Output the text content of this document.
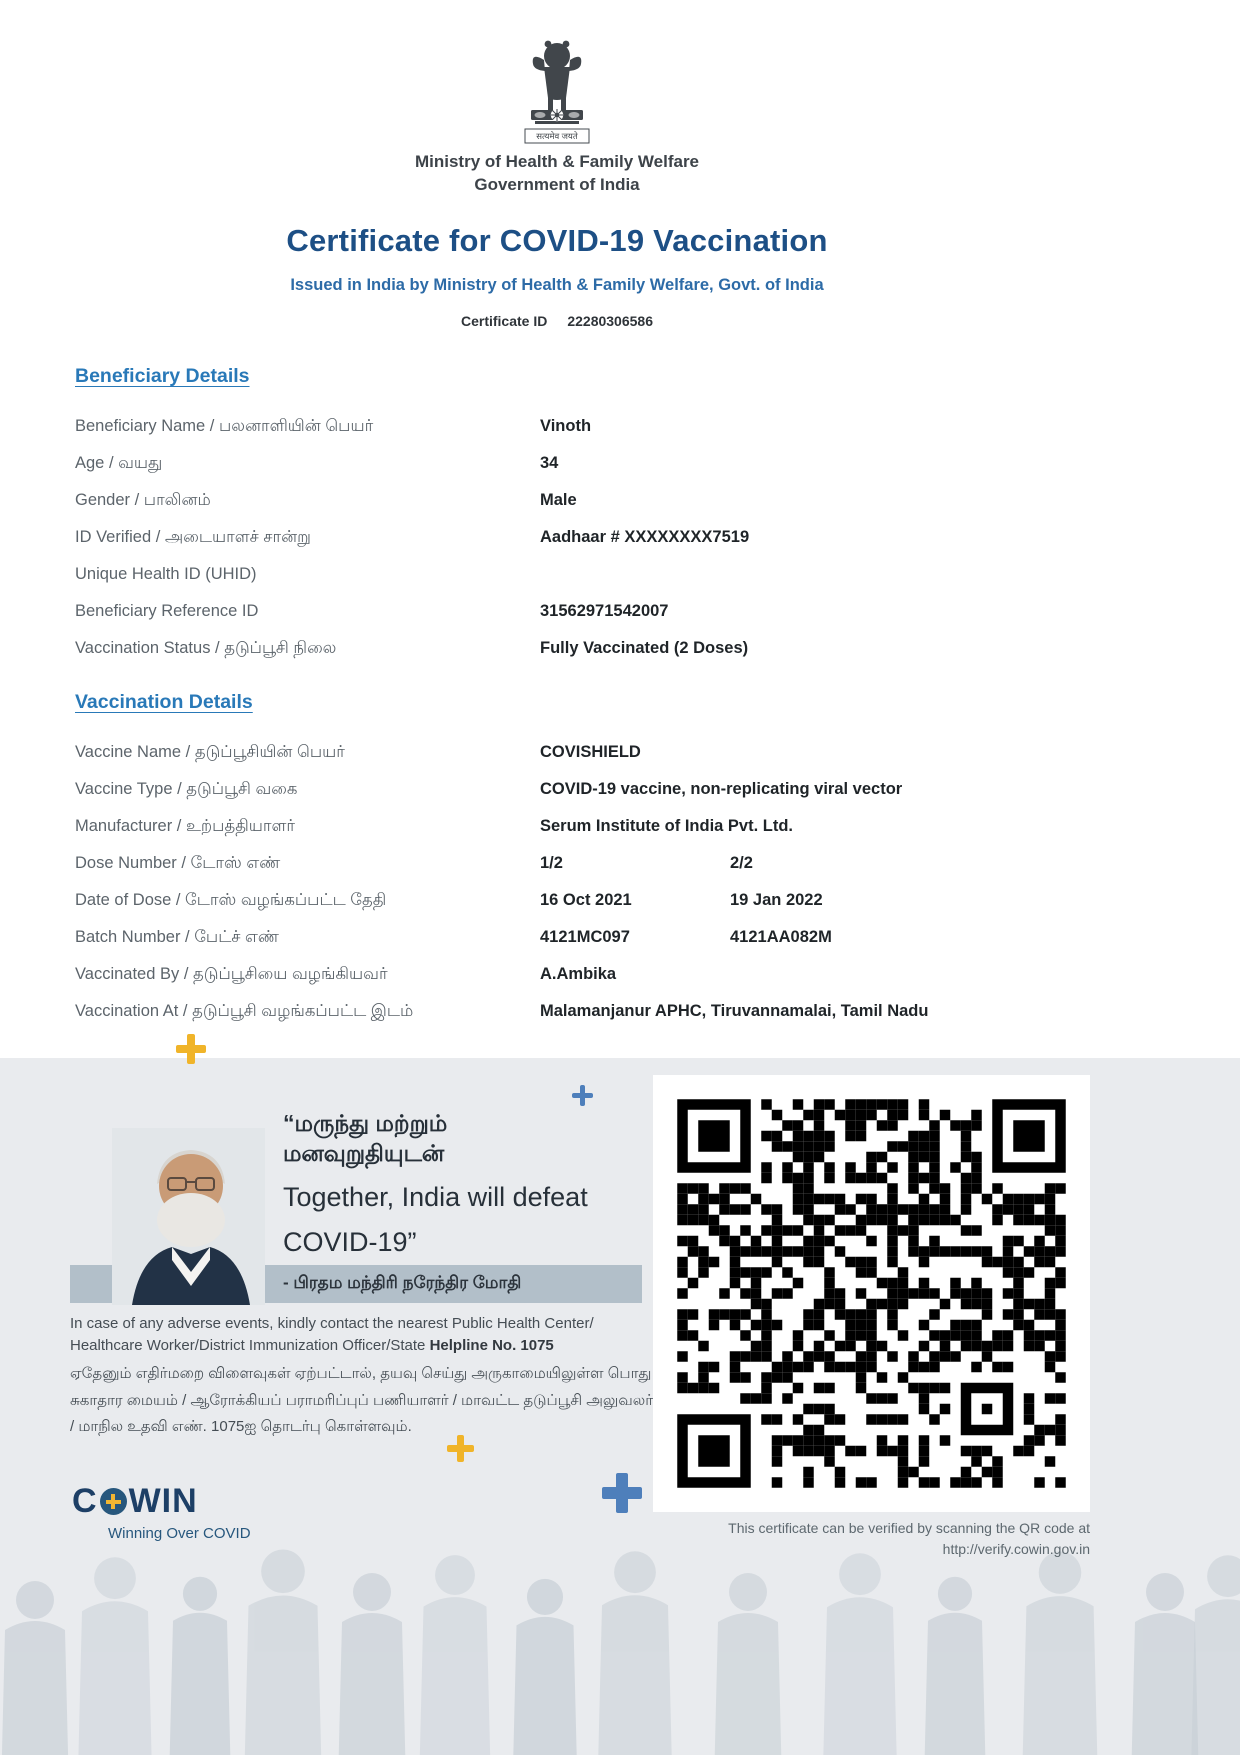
सत्यमेव जयते
Ministry of Health & Family Welfare
Government of India
Certificate for COVID-19 Vaccination
Issued in India by Ministry of Health & Family Welfare, Govt. of India
Certificate ID 22280306586
Beneficiary Details
Beneficiary Name / பலனாளியின் பெயர்	Vinoth
Age / வயது	34
Gender / பாலினம்	Male
ID Verified / அடையாளச் சான்று	Aadhaar # XXXXXXXX7519
Unique Health ID (UHID)
Beneficiary Reference ID	31562971542007
Vaccination Status / தடுப்பூசி நிலை	Fully Vaccinated (2 Doses)
Vaccination Details
Vaccine Name / தடுப்பூசியின் பெயர்	COVISHIELD
Vaccine Type / தடுப்பூசி வகை	COVID-19 vaccine, non-replicating viral vector
Manufacturer / உற்பத்தியாளர்	Serum Institute of India Pvt. Ltd.
Dose Number / டோஸ் எண்	1/2	2/2
Date of Dose / டோஸ் வழங்கப்பட்ட தேதி	16 Oct 2021	19 Jan 2022
Batch Number / பேட்ச் எண்	4121MC097	4121AA082M
Vaccinated By / தடுப்பூசியை வழங்கியவர்	A.Ambika
Vaccination At / தடுப்பூசி வழங்கப்பட்ட இடம்	Malamanjanur APHC, Tiruvannamalai, Tamil Nadu
- பிரதம மந்திரி நரேந்திர மோதி
“மருந்து மற்றும்
மனவுறுதியுடன்
Together, India will defeat
COVID-19”
In case of any adverse events, kindly contact the nearest Public Health Center/
Healthcare Worker/District Immunization Officer/State Helpline No. 1075
ஏதேனும் எதிர்மறை விளைவுகள் ஏற்பட்டால், தயவு செய்து அருகாமையிலுள்ள பொது சுகாதார மையம் / ஆரோக்கியப் பராமரிப்புப் பணியாளர் / மாவட்ட தடுப்பூசி அலுவலர் / மாநில உதவி எண். 1075ஐ தொடர்பு கொள்ளவும்.
C WIN
Winning Over COVID	This certificate can be verified by scanning the QR code at
http://verify.cowin.gov.in
